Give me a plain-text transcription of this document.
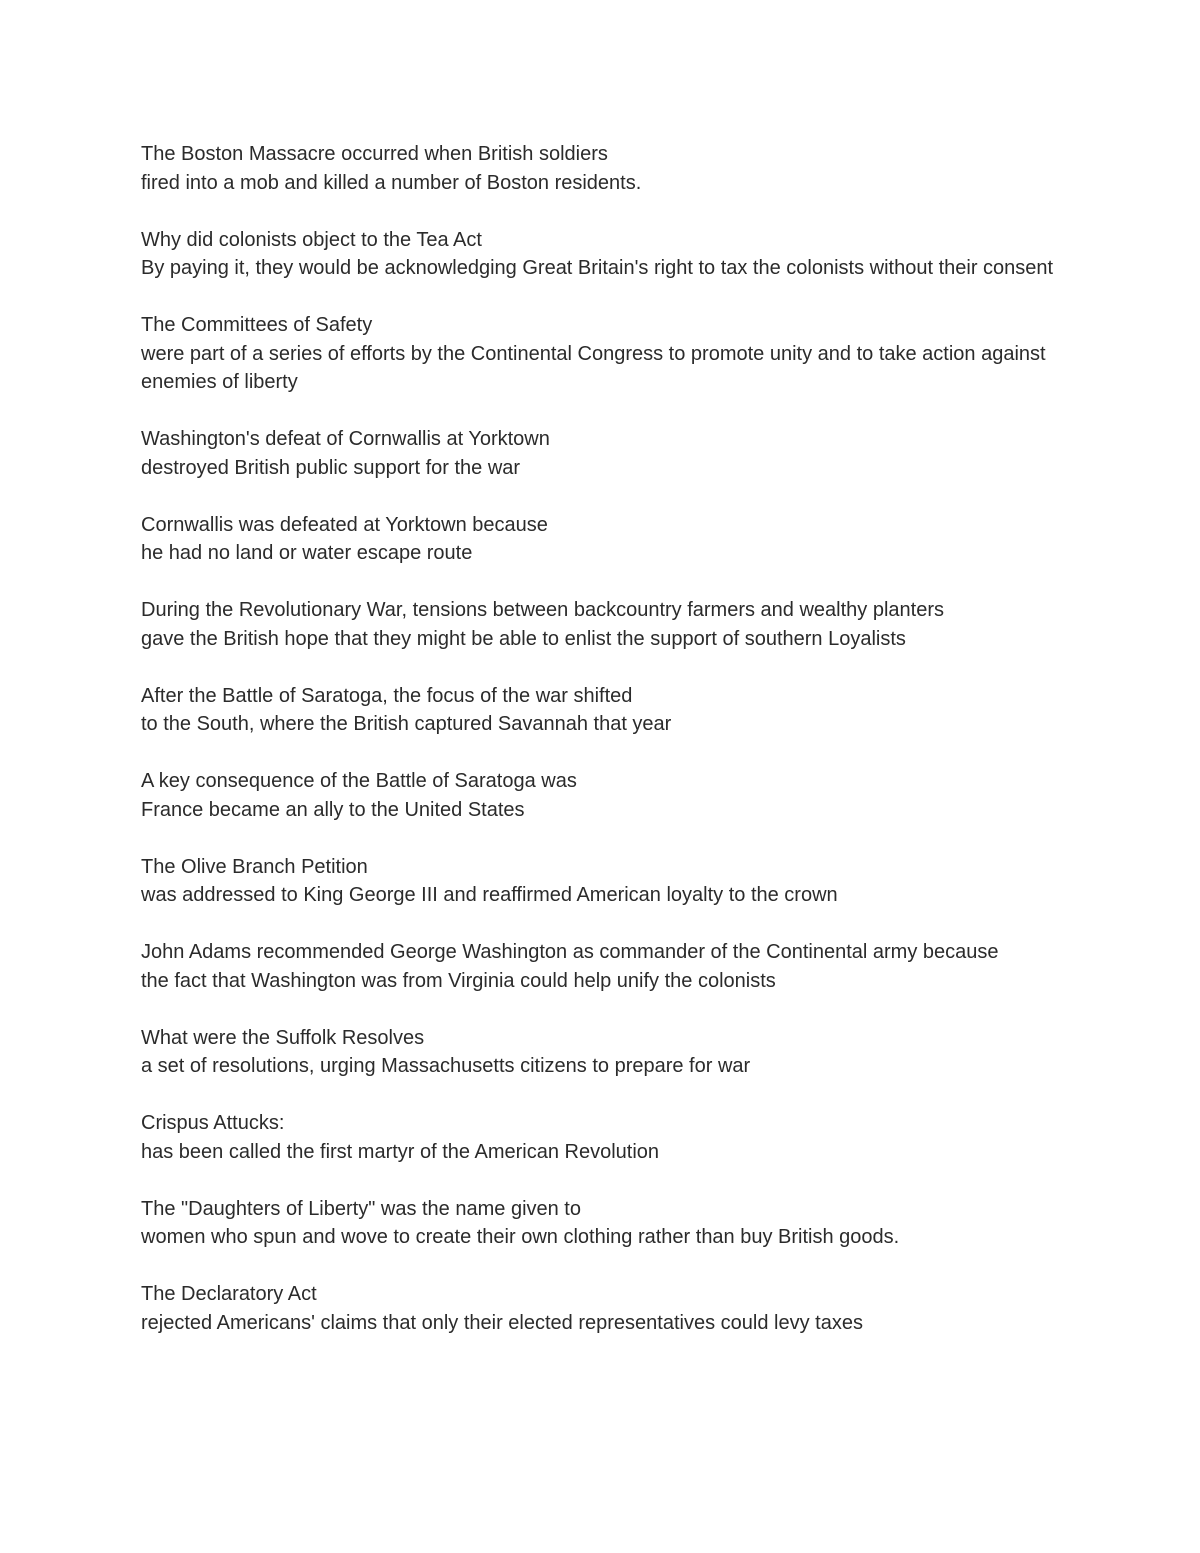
The Boston Massacre occurred when British soldiers
fired into a mob and killed a number of Boston residents.
Why did colonists object to the Tea Act
By paying it, they would be acknowledging Great Britain's right to tax the colonists without their consent
The Committees of Safety
were part of a series of efforts by the Continental Congress to promote unity and to take action against enemies of liberty
Washington's defeat of Cornwallis at Yorktown
destroyed British public support for the war
Cornwallis was defeated at Yorktown because
he had no land or water escape route
During the Revolutionary War, tensions between backcountry farmers and wealthy planters
gave the British hope that they might be able to enlist the support of southern Loyalists
After the Battle of Saratoga, the focus of the war shifted
to the South, where the British captured Savannah that year
A key consequence of the Battle of Saratoga was
France became an ally to the United States
The Olive Branch Petition
was addressed to King George III and reaffirmed American loyalty to the crown
John Adams recommended George Washington as commander of the Continental army because
the fact that Washington was from Virginia could help unify the colonists
What were the Suffolk Resolves
a set of resolutions, urging Massachusetts citizens to prepare for war
Crispus Attucks:
has been called the first martyr of the American Revolution
The "Daughters of Liberty" was the name given to
women who spun and wove to create their own clothing rather than buy British goods.
The Declaratory Act
rejected Americans' claims that only their elected representatives could levy taxes
